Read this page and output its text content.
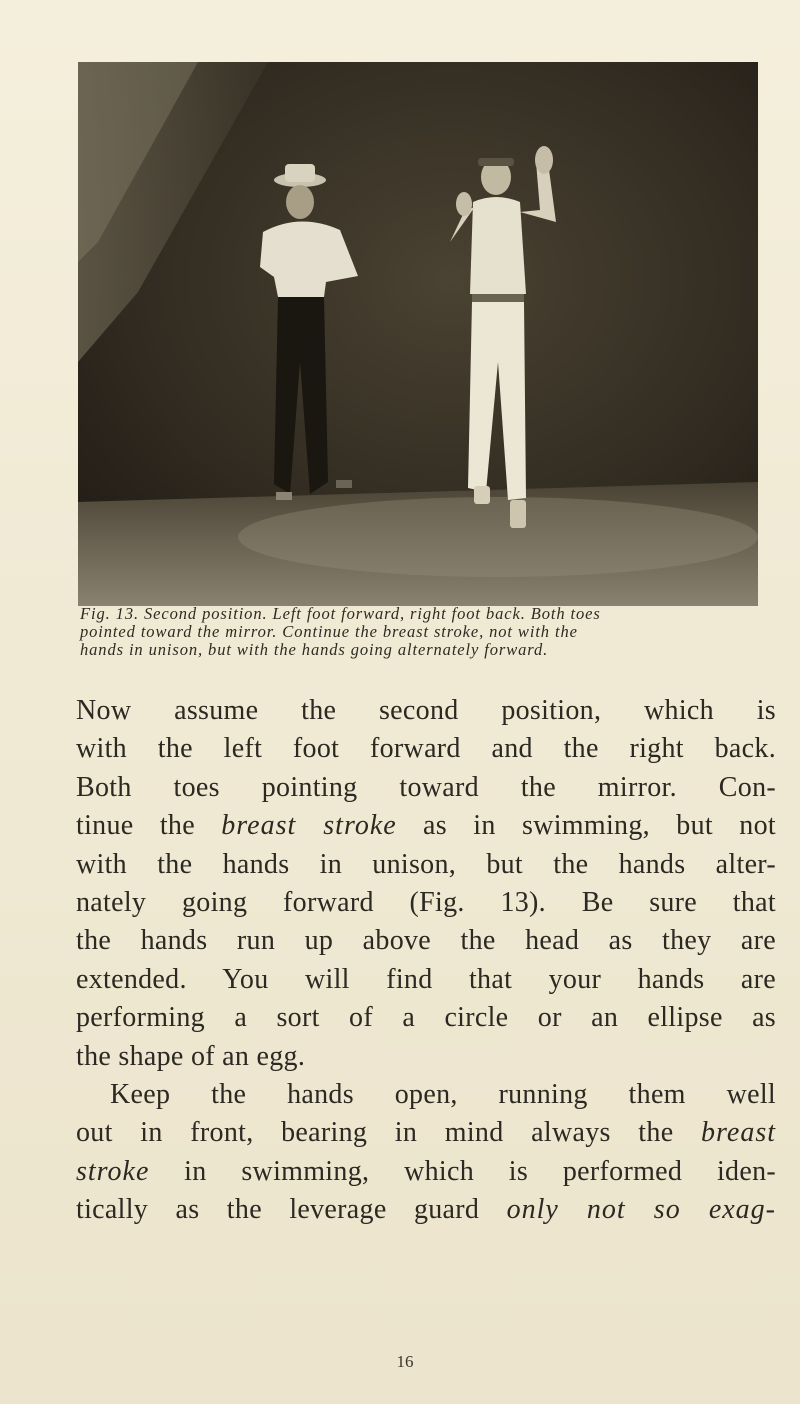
Fig. 13. Second position. Left foot forward, right foot back. Both toes
pointed toward the mirror. Continue the breast stroke, not with the
hands in unison, but with the hands going alternately forward.
Now assume the second position, which is
with the left foot forward and the right back.
Both toes pointing toward the mirror. Con-
tinue the breast stroke as in swimming, but not
with the hands in unison, but the hands alter-
nately going forward (Fig. 13). Be sure that
the hands run up above the head as they are
extended. You will find that your hands are
performing a sort of a circle or an ellipse as
the shape of an egg.
Keep the hands open, running them well
out in front, bearing in mind always the breast
stroke in swimming, which is performed iden-
tically as the leverage guard only not so exag-
16
